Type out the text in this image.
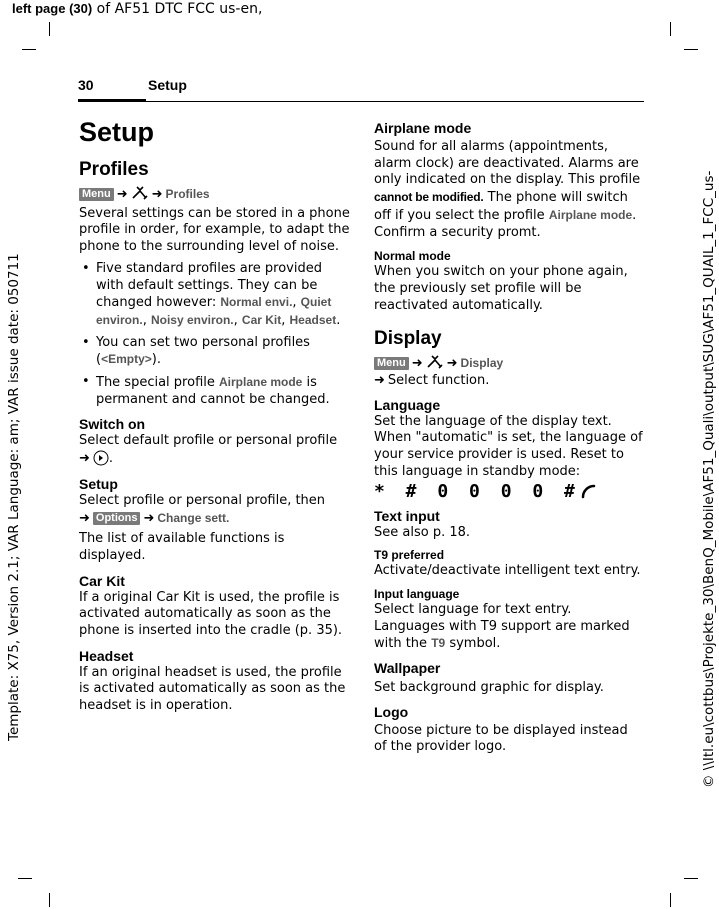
left page (30) of AF51 DTC FCC us-en,
Template: X75, Version 2.1; VAR Language: am; VAR issue date: 050711	© \\Itl.eu\cottbus\Projekte_30\BenQ_Mobile\AF51_Quali\output\SUG\AF51_QUAIL_1_FCC_us-
30	Setup

Setup

Profiles

Menu ➜ ➜ Profiles

Several settings can be stored in a phone profile in order, for example, to adapt the phone to the surrounding level of noise.

• Five standard profiles are provided with default settings. They can be changed however: Normal envi., Quiet environ., Noisy environ., Car Kit, Headset.

• You can set two personal profiles (<Empty>).

• The special profile Airplane mode is permanent and cannot be changed.

Switch on

Select default profile or personal profile
➜ .

Setup

Select profile or personal profile, then
➜ Options ➜ Change sett.

The list of available functions is displayed.

Car Kit

If a original Car Kit is used, the profile is activated automatically as soon as the phone is inserted into the cradle (p. 35).

Headset

If an original headset is used, the profile is activated automatically as soon as the headset is in operation.

Airplane mode

Sound for all alarms (appointments, alarm clock) are deactivated. Alarms are only indicated on the display. This profile cannot be modified. The phone will switch off if you select the profile Airplane mode. Confirm a security promt.

Normal mode

When you switch on your phone again, the previously set profile will be reactivated automatically.

Display

Menu ➜ ➜ Display
➜ Select function.

Language

Set the language of the display text. When "automatic" is set, the language of your service provider is used. Reset to this language in standby mode:

* # 0 0 0 0 #

Text input

See also p. 18.

T9 preferred

Activate/deactivate intelligent text entry.

Input language

Select language for text entry. Languages with T9 support are marked with the T9 symbol.

Wallpaper

Set background graphic for display.

Logo

Choose picture to be displayed instead of the provider logo.
